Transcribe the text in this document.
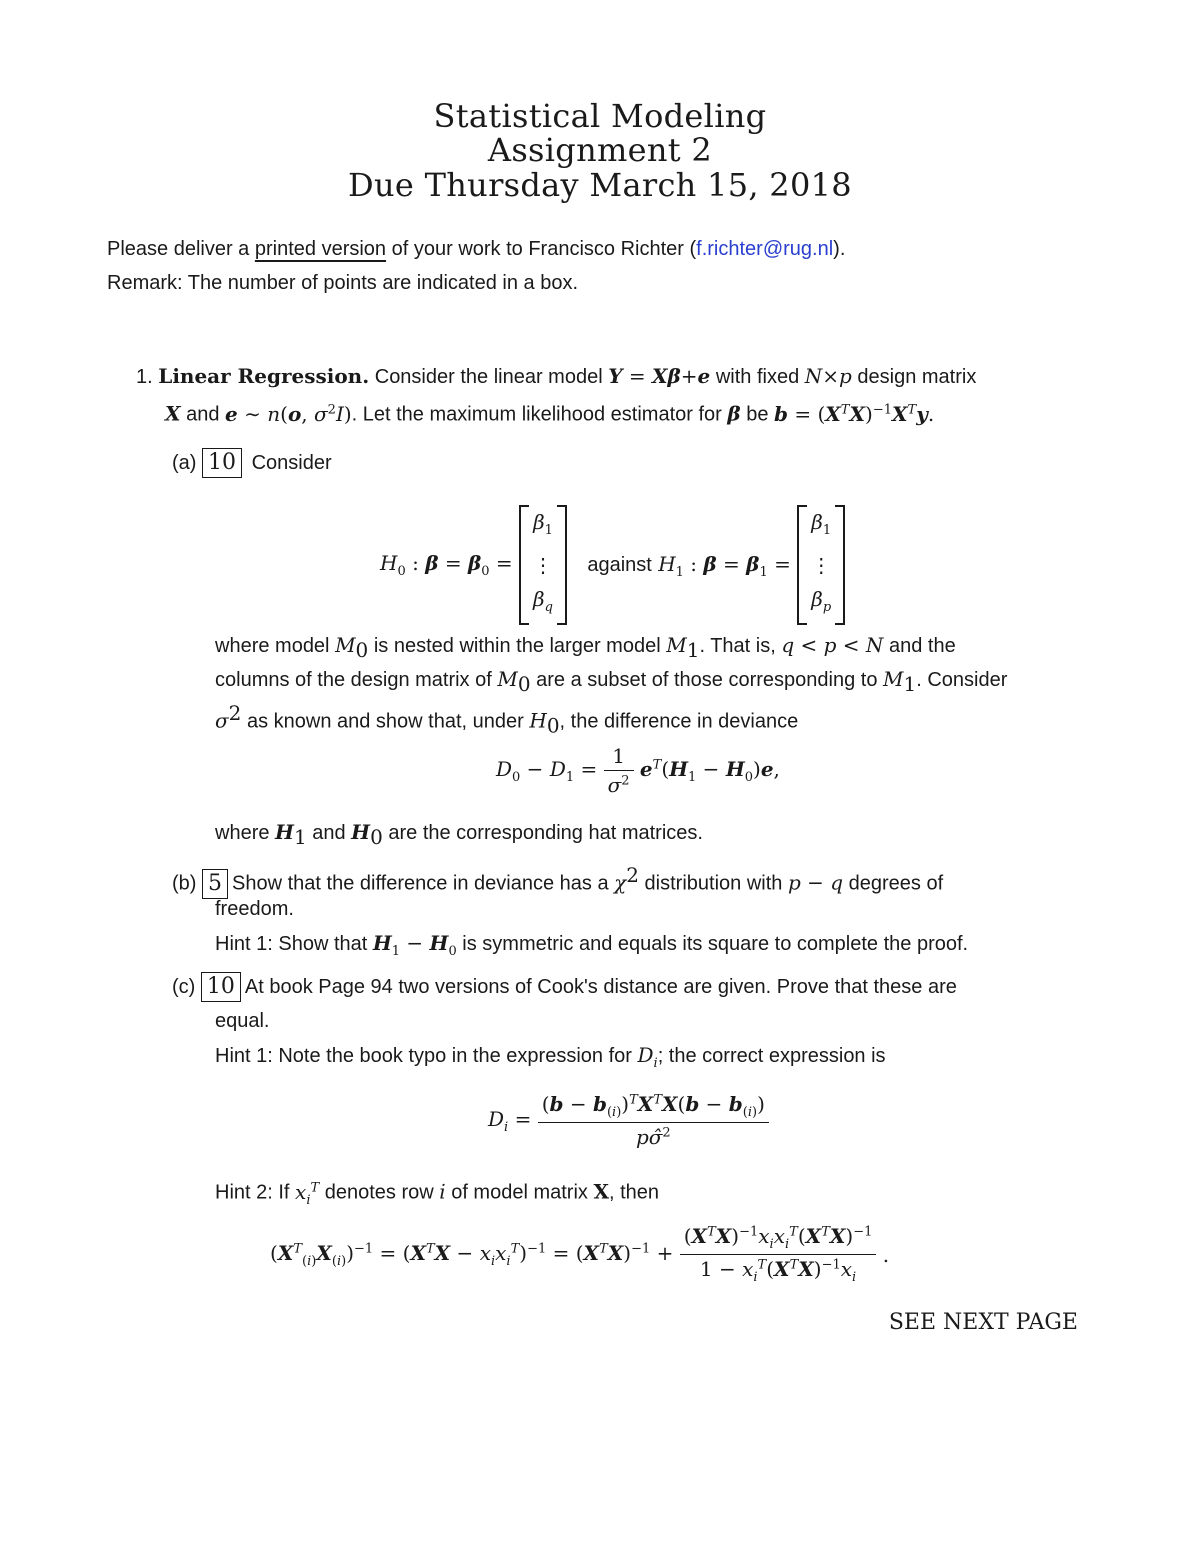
Statistical Modeling
Assignment 2
Due Thursday March 15, 2018
Please deliver a printed version of your work to Francisco Richter (f.richter@rug.nl).
Remark: The number of points are indicated in a box.
1. Linear Regression. Consider the linear model Y = Xβ+e with fixed N×p design matrix
X and e ∼ n(o, $\sigma^2I$). Let the maximum likelihood estimator for β be $b = (X^TX)^{-1}X^Ty$.
(a) 10 Consider
$H_0$ : $\beta = \beta_0$ =
$\beta_1$
⋮
$\beta_q$
against $H_1$ : $\beta = \beta_1$ =
$\beta_1$
⋮
$\beta_p$
where model $M_0$ is nested within the larger model $M_1$. That is, q < p < N and the
columns of the design matrix of $M_0$ are a subset of those corresponding to $M_1$. Consider
$\sigma^2$ as known and show that, under $H_0$, the difference in deviance
$D_0 - D_1 = \frac{1}{\sigma^2} e^T(H_1 - H_0)e$,
where $H_1$ and $H_0$ are the corresponding hat matrices.
(b) 5 Show that the difference in deviance has a $\chi^2$ distribution with p − q degrees of
freedom.
Hint 1: Show that $H_1 - H_0$ is symmetric and equals its square to complete the proof.
(c) 10 At book Page 94 two versions of Cook's distance are given. Prove that these are
equal.
Hint 1: Note the book typo in the expression for $D_i$; the correct expression is
$D_i = \frac{(b - b_{(i)})^TX^TX(b - b_{(i)})}{p\sigmâ^2}$
Hint 2: If $x_i^T$ denotes row i of model matrix X, then
$(X^T_{(i)}X_{(i)})^{-1} = (X^TX - x_ix_i^T)^{-1} = (X^TX)^{-1} + \frac{(X^TX)^{-1}x_ix_i^T(X^TX)^{-1}}{1 - x_i^T(X^TX)^{-1}x_i}$ .
SEE NEXT PAGE
